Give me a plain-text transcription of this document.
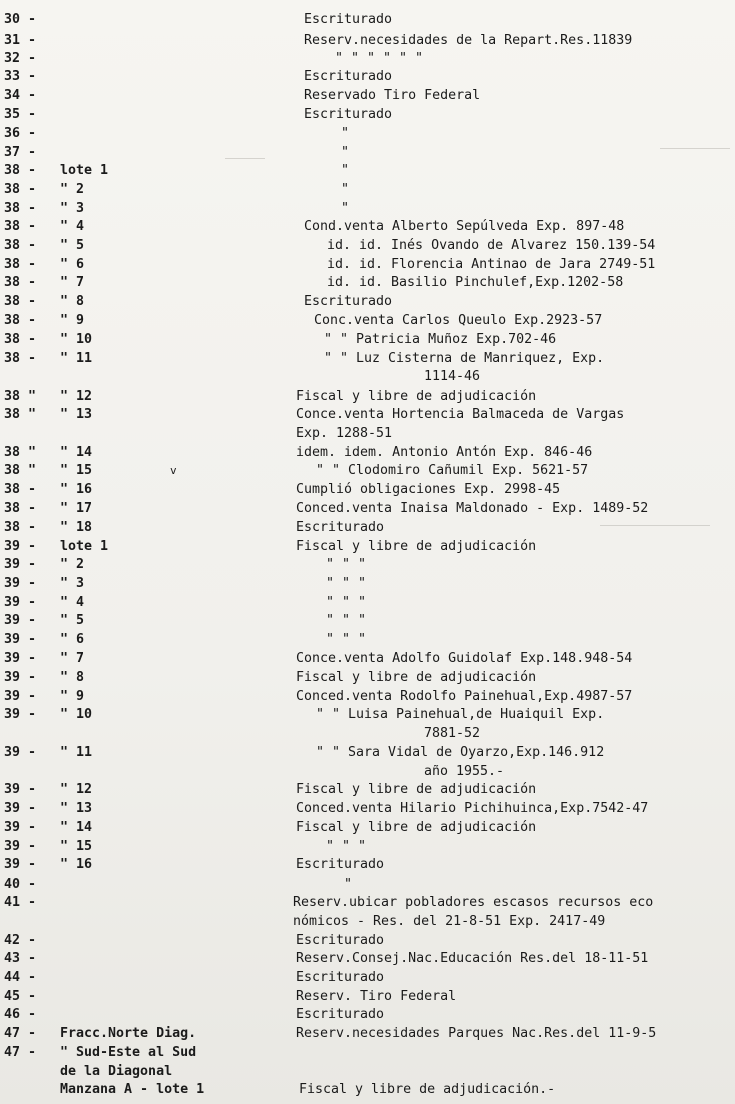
30 -	Escriturado
31 -	Reserv.necesidades de la Repart.Res.11839
32 -	" " " " " "
33 -	Escriturado
34 -	Reservado Tiro Federal
35 -	Escriturado
36 -	"
37 -	"
38 - lote 1	"
38 - " 2	"
38 - " 3	"
38 - " 4	Cond.venta Alberto Sepúlveda Exp. 897-48
38 - " 5	id. id. Inés Ovando de Alvarez 150.139-54
38 - " 6	id. id. Florencia Antinao de Jara 2749-51
38 - " 7	id. id. Basilio Pinchulef,Exp.1202-58
38 - " 8	Escriturado
38 - " 9	Conc.venta Carlos Queulo Exp.2923-57
38 - " 10	" " Patricia Muñoz Exp.702-46
38 - " 11	" " Luz Cisterna de Manriquez, Exp.
1114-46
38 " " 12	Fiscal y libre de adjudicación
38 " " 13	Conce.venta Hortencia Balmaceda de Vargas
Exp. 1288-51
38 " " 14	idem. idem. Antonio Antón Exp. 846-46
38 " " 15	v	" " Clodomiro Cañumil Exp. 5621-57
38 - " 16	Cumplió obligaciones Exp. 2998-45
38 - " 17	Conced.venta Inaisa Maldonado - Exp. 1489-52
38 - " 18	Escriturado
39 - lote 1	Fiscal y libre de adjudicación
39 - " 2	" " "
39 - " 3	" " "
39 - " 4	" " "
39 - " 5	" " "
39 - " 6	" " "
39 - " 7	Conce.venta Adolfo Guidolaf Exp.148.948-54
39 - " 8	Fiscal y libre de adjudicación
39 - " 9	Conced.venta Rodolfo Painehual,Exp.4987-57
39 - " 10	" " Luisa Painehual,de Huaiquil Exp.
7881-52
39 - " 11	" " Sara Vidal de Oyarzo,Exp.146.912
año 1955.-
39 - " 12	Fiscal y libre de adjudicación
39 - " 13	Conced.venta Hilario Pichihuinca,Exp.7542-47
39 - " 14	Fiscal y libre de adjudicación
39 - " 15	" " "
39 - " 16	Escriturado
40 -	"
41 -	Reserv.ubicar pobladores escasos recursos eco
nómicos - Res. del 21-8-51 Exp. 2417-49
42 -	Escriturado
43 -	Reserv.Consej.Nac.Educación Res.del 18-11-51
44 -	Escriturado
45 -	Reserv. Tiro Federal
46 -	Escriturado
47 - Fracc.Norte Diag.	Reserv.necesidades Parques Nac.Res.del 11-9-5
47 - " Sud-Este al Sud
de la Diagonal
Manzana A - lote 1	Fiscal y libre de adjudicación.-
